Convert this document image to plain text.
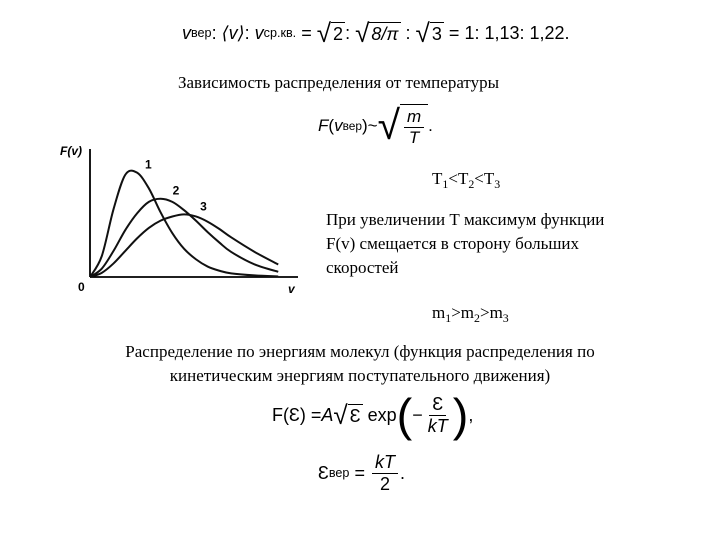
v вер :
⟨v⟩ :
v ср.кв.
=
√ 2 :
√ 8/π
:
√ 3
=
1: 1,13: 1,22.
Зависимость распределения от температуры
F ( v вер ) ~ √ $\frac{m}{T}$ .
F(v)
v
0
1
2
3
$T_1<T_2<T_3$
При увеличении Т максимум функции
F(v) смещается в сторону больших
скоростей
$m_1>m_2>m_3$
Распределение по энергиям молекул (функция распределения по
кинетическим энергиям поступательного движения)
F(Ɛ) = A √ Ɛ
exp ( − $\frac{Ɛ}{kT}$ ) ,
Ɛ вер
=
$\frac{kT}{2}$ .
